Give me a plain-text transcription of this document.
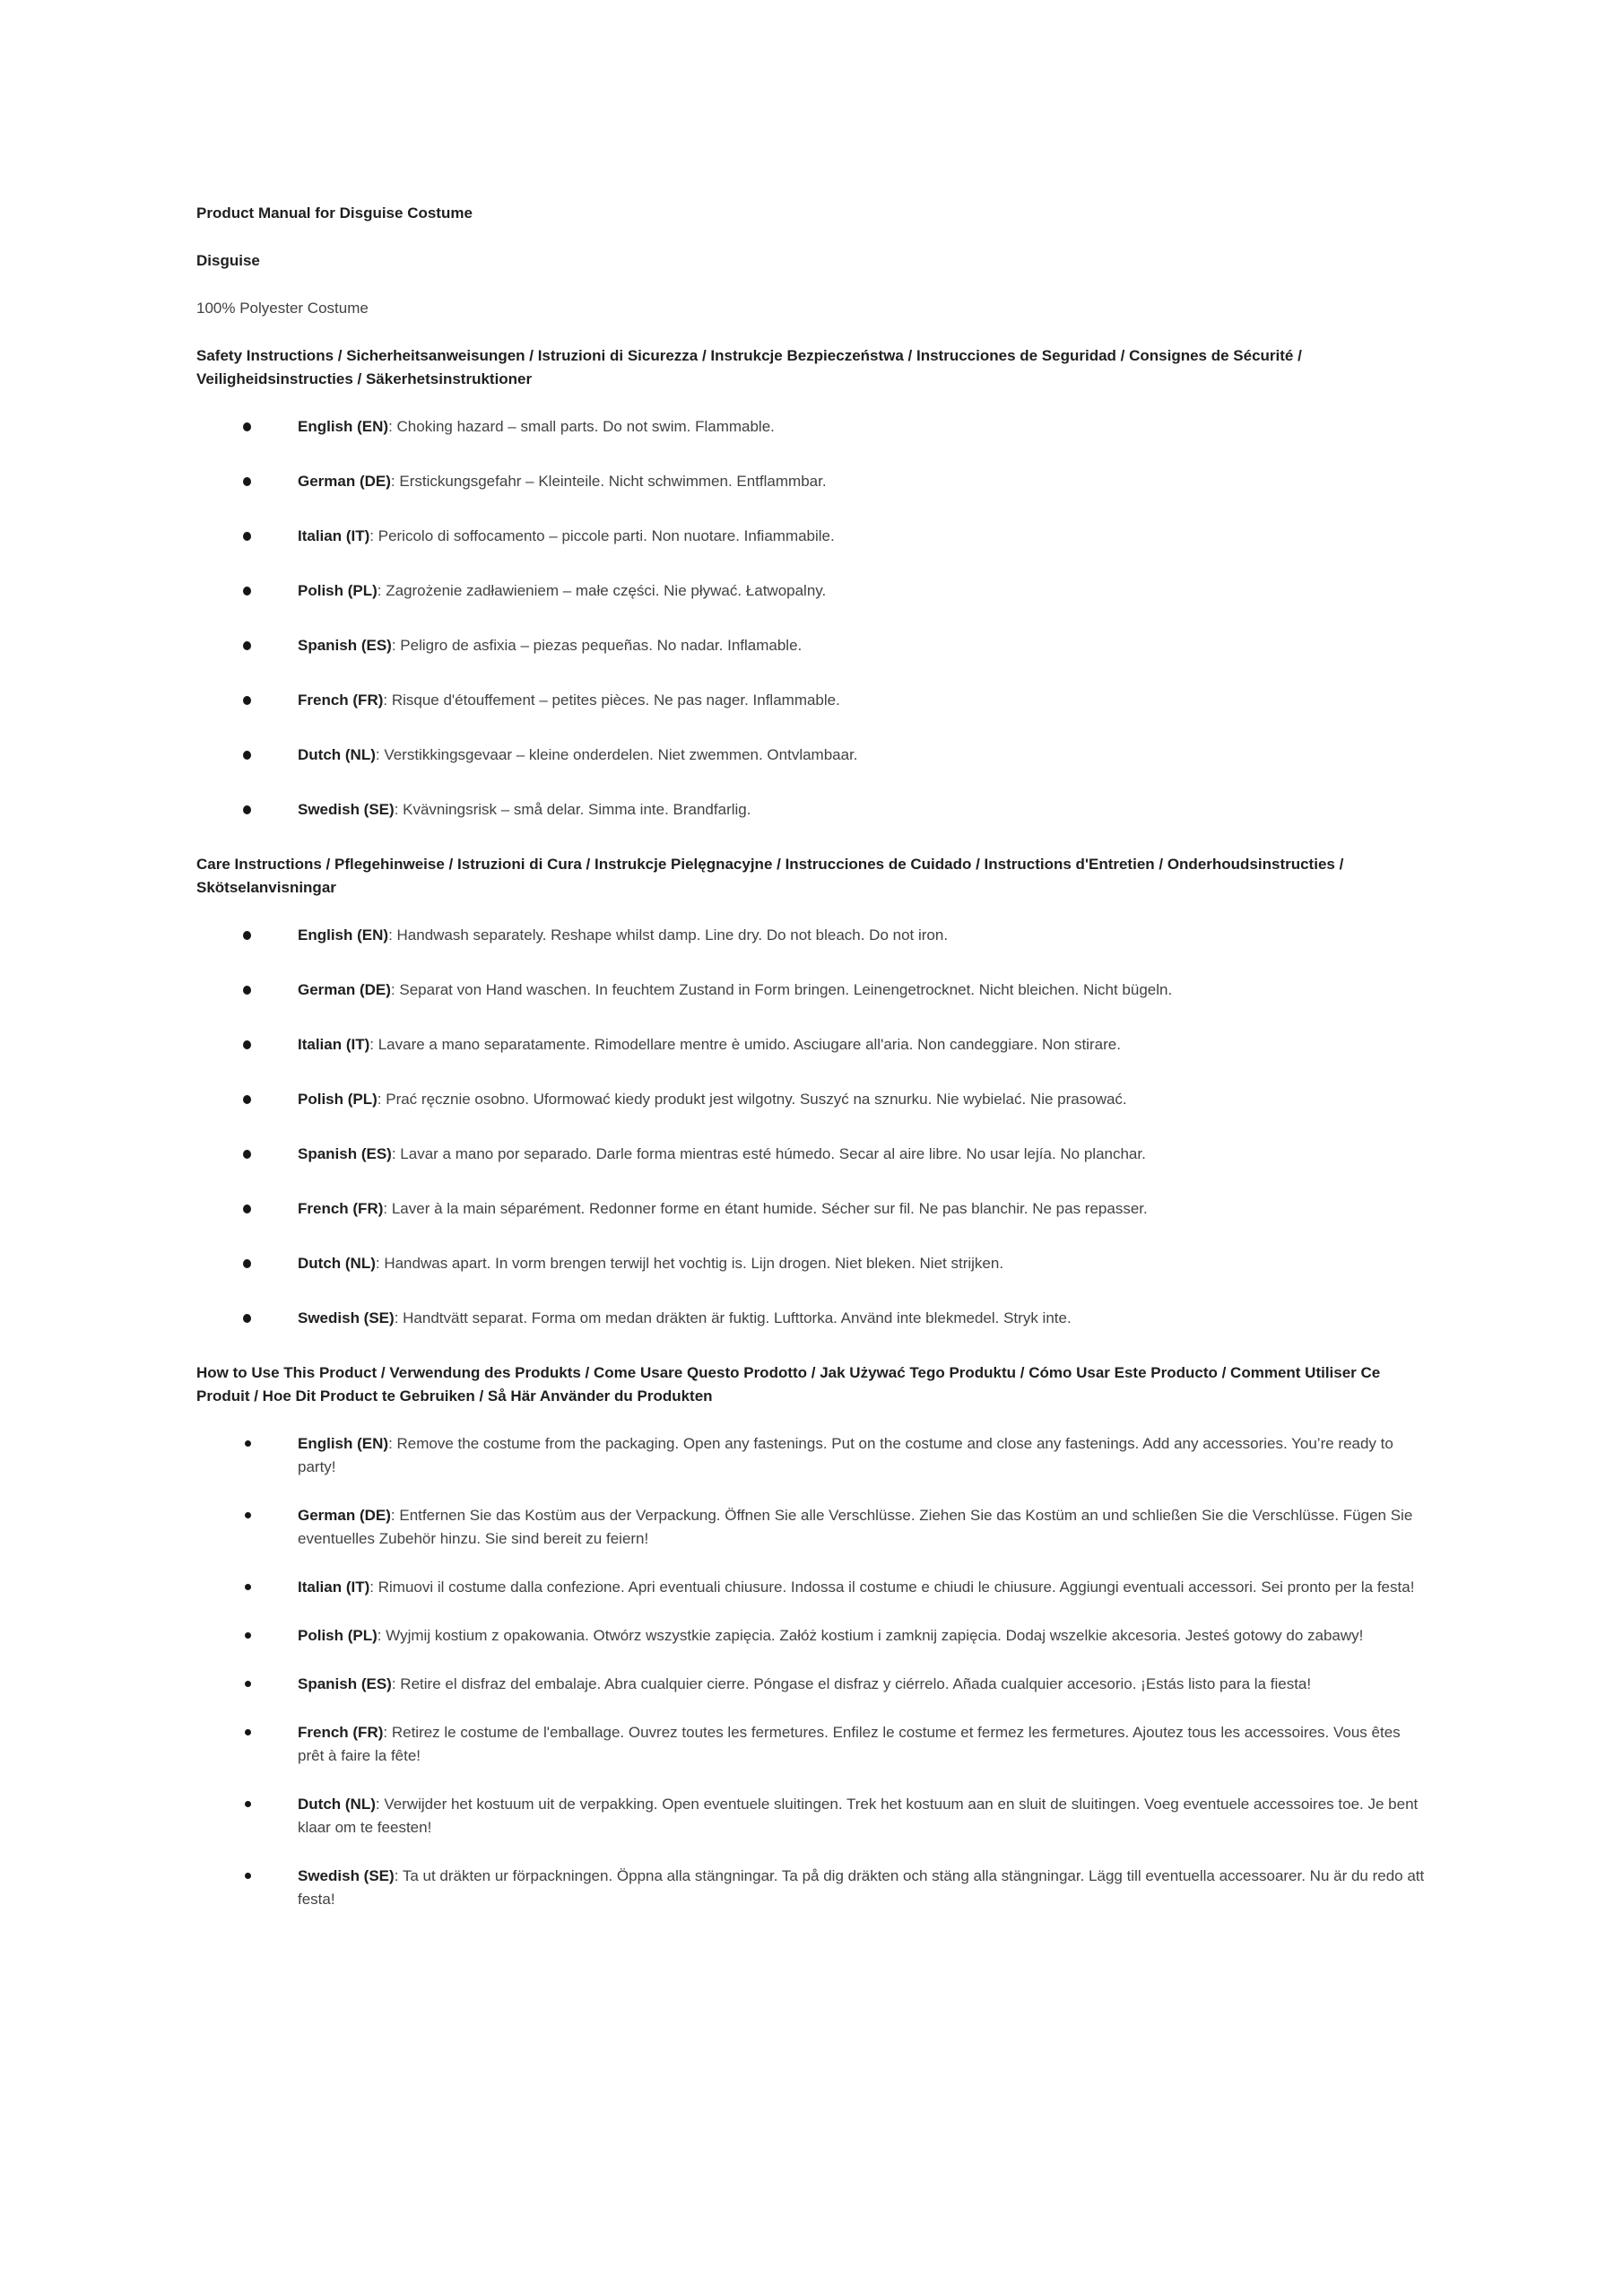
Product Manual for Disguise Costume

Disguise

100% Polyester Costume

Safety Instructions / Sicherheitsanweisungen / Istruzioni di Sicurezza / Instrukcje Bezpieczeństwa / Instrucciones de Seguridad / Consignes de Sécurité / Veiligheidsinstructies / Säkerhetsinstruktioner

English (EN): Choking hazard – small parts. Do not swim. Flammable.
German (DE): Erstickungsgefahr – Kleinteile. Nicht schwimmen. Entflammbar.
Italian (IT): Pericolo di soffocamento – piccole parti. Non nuotare. Infiammabile.
Polish (PL): Zagrożenie zadławieniem – małe części. Nie pływać. Łatwopalny.
Spanish (ES): Peligro de asfixia – piezas pequeñas. No nadar. Inflamable.
French (FR): Risque d'étouffement – petites pièces. Ne pas nager. Inflammable.
Dutch (NL): Verstikkingsgevaar – kleine onderdelen. Niet zwemmen. Ontvlambaar.
Swedish (SE): Kvävningsrisk – små delar. Simma inte. Brandfarlig.

Care Instructions / Pflegehinweise / Istruzioni di Cura / Instrukcje Pielęgnacyjne / Instrucciones de Cuidado / Instructions d'Entretien / Onderhoudsinstructies / Skötselanvisningar

English (EN): Handwash separately. Reshape whilst damp. Line dry. Do not bleach. Do not iron.
German (DE): Separat von Hand waschen. In feuchtem Zustand in Form bringen. Leinengetrocknet. Nicht bleichen. Nicht bügeln.
Italian (IT): Lavare a mano separatamente. Rimodellare mentre è umido. Asciugare all'aria. Non candeggiare. Non stirare.
Polish (PL): Prać ręcznie osobno. Uformować kiedy produkt jest wilgotny. Suszyć na sznurku. Nie wybielać. Nie prasować.
Spanish (ES): Lavar a mano por separado. Darle forma mientras esté húmedo. Secar al aire libre. No usar lejía. No planchar.
French (FR): Laver à la main séparément. Redonner forme en étant humide. Sécher sur fil. Ne pas blanchir. Ne pas repasser.
Dutch (NL): Handwas apart. In vorm brengen terwijl het vochtig is. Lijn drogen. Niet bleken. Niet strijken.
Swedish (SE): Handtvätt separat. Forma om medan dräkten är fuktig. Lufttorka. Använd inte blekmedel. Stryk inte.

How to Use This Product / Verwendung des Produkts / Come Usare Questo Prodotto / Jak Używać Tego Produktu / Cómo Usar Este Producto / Comment Utiliser Ce Produit / Hoe Dit Product te Gebruiken / Så Här Använder du Produkten

English (EN): Remove the costume from the packaging. Open any fastenings. Put on the costume and close any fastenings. Add any accessories. You’re ready to party!
German (DE): Entfernen Sie das Kostüm aus der Verpackung. Öffnen Sie alle Verschlüsse. Ziehen Sie das Kostüm an und schließen Sie die Verschlüsse. Fügen Sie eventuelles Zubehör hinzu. Sie sind bereit zu feiern!
Italian (IT): Rimuovi il costume dalla confezione. Apri eventuali chiusure. Indossa il costume e chiudi le chiusure. Aggiungi eventuali accessori. Sei pronto per la festa!
Polish (PL): Wyjmij kostium z opakowania. Otwórz wszystkie zapięcia. Załóż kostium i zamknij zapięcia. Dodaj wszelkie akcesoria. Jesteś gotowy do zabawy!
Spanish (ES): Retire el disfraz del embalaje. Abra cualquier cierre. Póngase el disfraz y ciérrelo. Añada cualquier accesorio. ¡Estás listo para la fiesta!
French (FR): Retirez le costume de l'emballage. Ouvrez toutes les fermetures. Enfilez le costume et fermez les fermetures. Ajoutez tous les accessoires. Vous êtes prêt à faire la fête!
Dutch (NL): Verwijder het kostuum uit de verpakking. Open eventuele sluitingen. Trek het kostuum aan en sluit de sluitingen. Voeg eventuele accessoires toe. Je bent klaar om te feesten!
Swedish (SE): Ta ut dräkten ur förpackningen. Öppna alla stängningar. Ta på dig dräkten och stäng alla stängningar. Lägg till eventuella accessoarer. Nu är du redo att festa!
